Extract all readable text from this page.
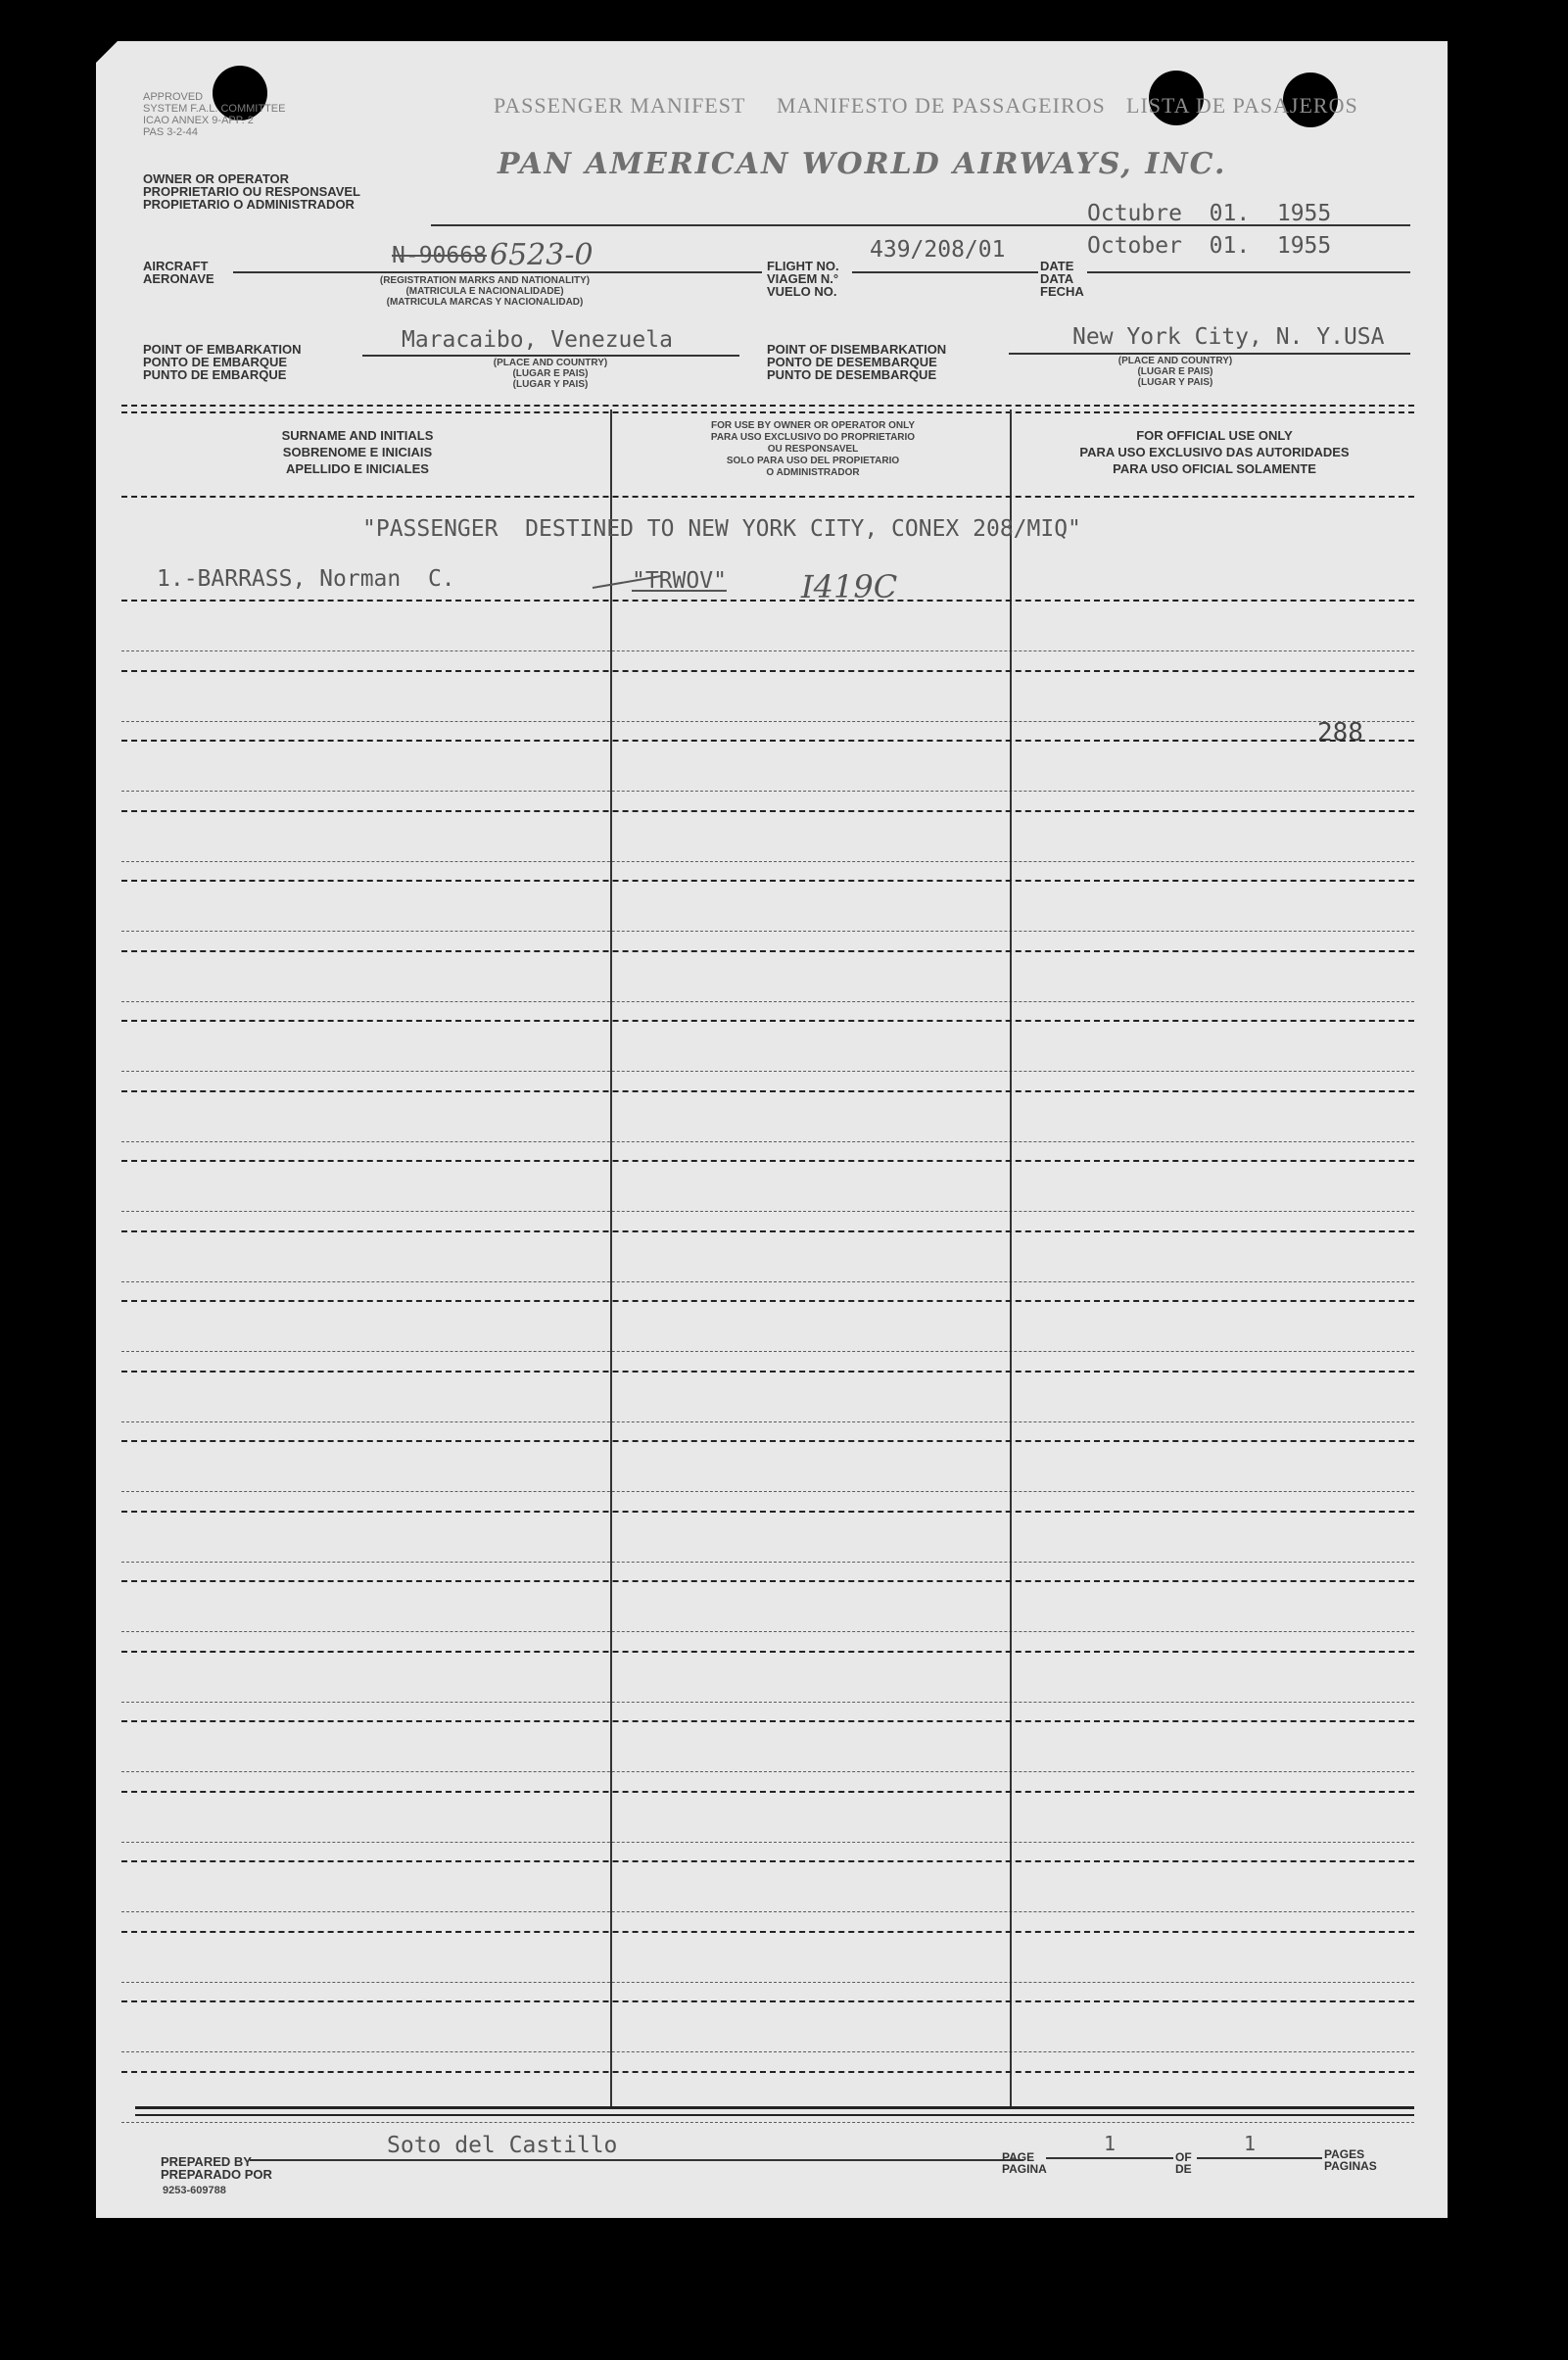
APPROVED
SYSTEM F.A.L. COMMITTEE
ICAO ANNEX 9-APP. 2
PAS 3-2-44
PASSENGER MANIFEST MANIFESTO DE PASSAGEIROS LISTA DE PASAJEROS
PAN AMERICAN WORLD AIRWAYS, INC.
OWNER OR OPERATOR
PROPRIETARIO OU RESPONSAVEL
PROPIETARIO O ADMINISTRADOR	Octubre  01.  1955
October  01.  1955
AIRCRAFT
AERONAVE
N-90668 6523-0
(REGISTRATION MARKS AND NATIONALITY)
(MATRICULA E NACIONALIDADE)
(MATRICULA MARCAS Y NACIONALIDAD)
439/208/01
FLIGHT NO.
VIAGEM N.°
VUELO NO.
DATE
DATA
FECHA
POINT OF EMBARKATION
PONTO DE EMBARQUE
PUNTO DE EMBARQUE
Maracaibo, Venezuela
(PLACE AND COUNTRY)
(LUGAR E PAIS)
(LUGAR Y PAIS)
POINT OF DISEMBARKATION
PONTO DE DESEMBARQUE
PUNTO DE DESEMBARQUE
New York City, N. Y.USA
(PLACE AND COUNTRY)
(LUGAR E PAIS)
(LUGAR Y PAIS)
SURNAME AND INITIALS
SOBRENOME E INICIAIS
APELLIDO E INICIALES
FOR USE BY OWNER OR OPERATOR ONLY
PARA USO EXCLUSIVO DO PROPRIETARIO
OU RESPONSAVEL
SOLO PARA USO DEL PROPIETARIO
O ADMINISTRADOR
FOR OFFICIAL USE ONLY
PARA USO EXCLUSIVO DAS AUTORIDADES
PARA USO OFICIAL SOLAMENTE
"PASSENGER  DESTINED TO NEW YORK CITY, CONEX 208/MIQ"
1.-BARRASS, Norman  C.	"TRWOV" I419C
288
Soto del Castillo
PREPARED BY
PREPARADO POR
9253-609788
1
PAGE
PAGINA
OF
DE
1	PAGES
PAGINAS
